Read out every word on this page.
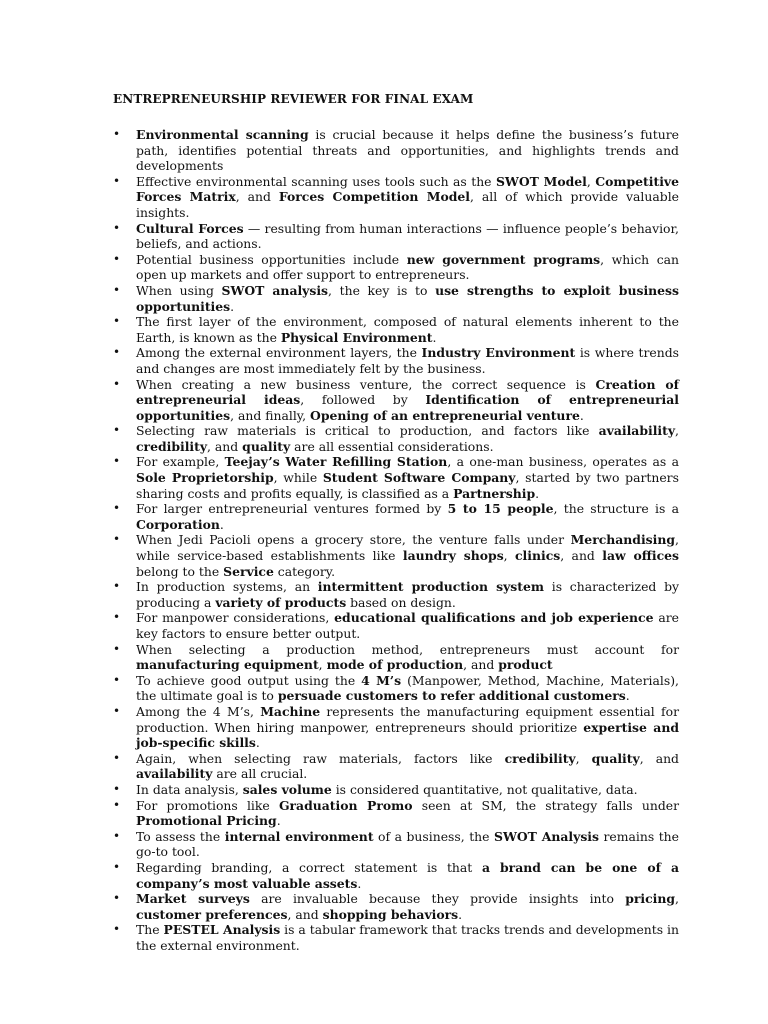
ENTREPRENEURSHIP REVIEWER FOR FINAL EXAM
• Environmental scanning is crucial because it helps define the business’s future path, identifies potential threats and opportunities, and highlights trends and developments
• Effective environmental scanning uses tools such as the SWOT Model, Competitive Forces Matrix, and Forces Competition Model, all of which provide valuable insights.
• Cultural Forces — resulting from human interactions — influence people’s behavior, beliefs, and actions.
• Potential business opportunities include new government programs, which can open up markets and offer support to entrepreneurs.
• When using SWOT analysis, the key is to use strengths to exploit business opportunities.
• The first layer of the environment, composed of natural elements inherent to the Earth, is known as the Physical Environment.
• Among the external environment layers, the Industry Environment is where trends and changes are most immediately felt by the business.
• When creating a new business venture, the correct sequence is Creation of entrepreneurial ideas, followed by Identification of entrepreneurial opportunities, and finally, Opening of an entrepreneurial venture.
• Selecting raw materials is critical to production, and factors like availability, credibility, and quality are all essential considerations.
• For example, Teejay’s Water Refilling Station, a one-man business, operates as a Sole Proprietorship, while Student Software Company, started by two partners sharing costs and profits equally, is classified as a Partnership.
• For larger entrepreneurial ventures formed by 5 to 15 people, the structure is a Corporation.
• When Jedi Pacioli opens a grocery store, the venture falls under Merchandising, while service-based establishments like laundry shops, clinics, and law offices belong to the Service category.
• In production systems, an intermittent production system is characterized by producing a variety of products based on design.
• For manpower considerations, educational qualifications and job experience are key factors to ensure better output.
• When selecting a production method, entrepreneurs must account for manufacturing equipment, mode of production, and product
• To achieve good output using the 4 M’s (Manpower, Method, Machine, Materials), the ultimate goal is to persuade customers to refer additional customers.
• Among the 4 M’s, Machine represents the manufacturing equipment essential for production. When hiring manpower, entrepreneurs should prioritize expertise and job-specific skills.
• Again, when selecting raw materials, factors like credibility, quality, and availability are all crucial.
• In data analysis, sales volume is considered quantitative, not qualitative, data.
• For promotions like Graduation Promo seen at SM, the strategy falls under Promotional Pricing.
• To assess the internal environment of a business, the SWOT Analysis remains the go-to tool.
• Regarding branding, a correct statement is that a brand can be one of a company’s most valuable assets.
• Market surveys are invaluable because they provide insights into pricing, customer preferences, and shopping behaviors.
• The PESTEL Analysis is a tabular framework that tracks trends and developments in the external environment.
